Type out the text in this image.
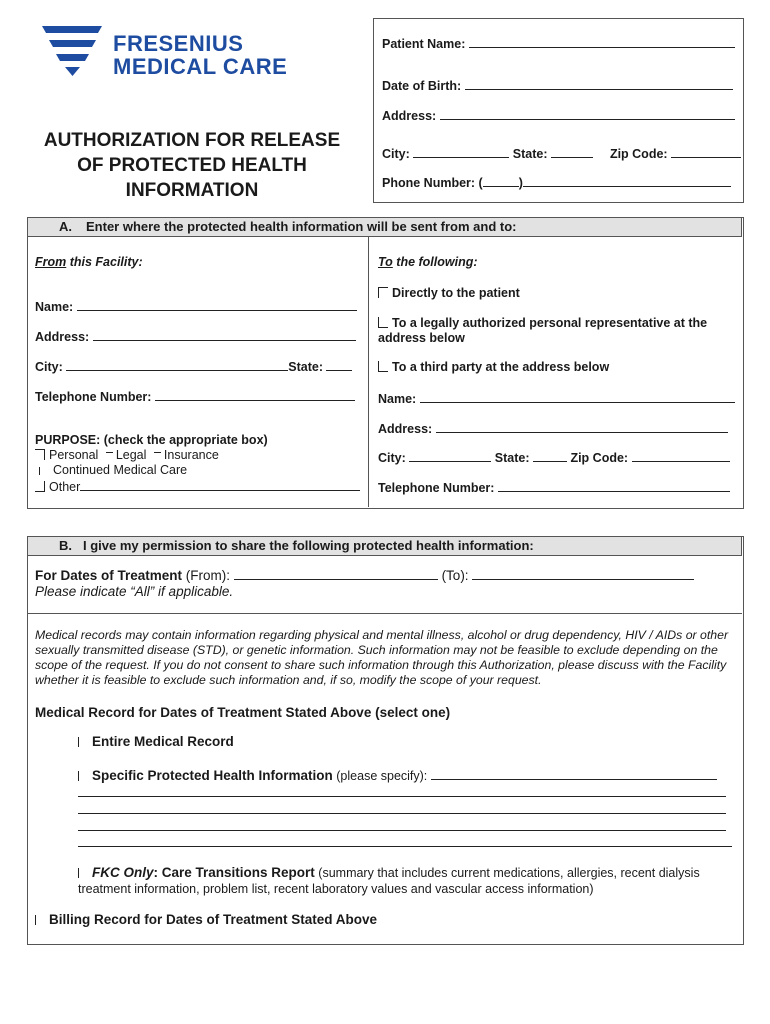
FRESENIUS
MEDICAL CARE
Patient Name:
Date of Birth:
Address:
City:	State:	Zip Code:
Phone Number: (	)
AUTHORIZATION FOR RELEASE
OF PROTECTED HEALTH
INFORMATION
A. Enter where the protected health information will be sent from and to:
From this Facility:
Name:
Address:
City:	State:
Telephone Number:
PURPOSE: (check the appropriate box)
Personal Legal Insurance
Continued Medical Care
Other
To the following:
Directly to the patient
To a legally authorized personal representative at the address below
To a third party at the address below
Name:
Address:
City:	State:	Zip Code:
Telephone Number:
B. I give my permission to share the following protected health information:
For Dates of Treatment (From):	(To):
Please indicate “All” if applicable.
Medical records may contain information regarding physical and mental illness, alcohol or drug dependency, HIV / AIDs or other sexually transmitted disease (STD), or genetic information. Such information may not be feasible to exclude depending on the scope of the request. If you do not consent to share such information through this Authorization, please discuss with the Facility whether it is feasible to exclude such information and, if so, modify the scope of your request.
Medical Record for Dates of Treatment Stated Above (select one)
Entire Medical Record
Specific Protected Health Information (please specify):
FKC Only: Care Transitions Report (summary that includes current medications, allergies, recent dialysis treatment information, problem list, recent laboratory values and vascular access information)
Billing Record for Dates of Treatment Stated Above
